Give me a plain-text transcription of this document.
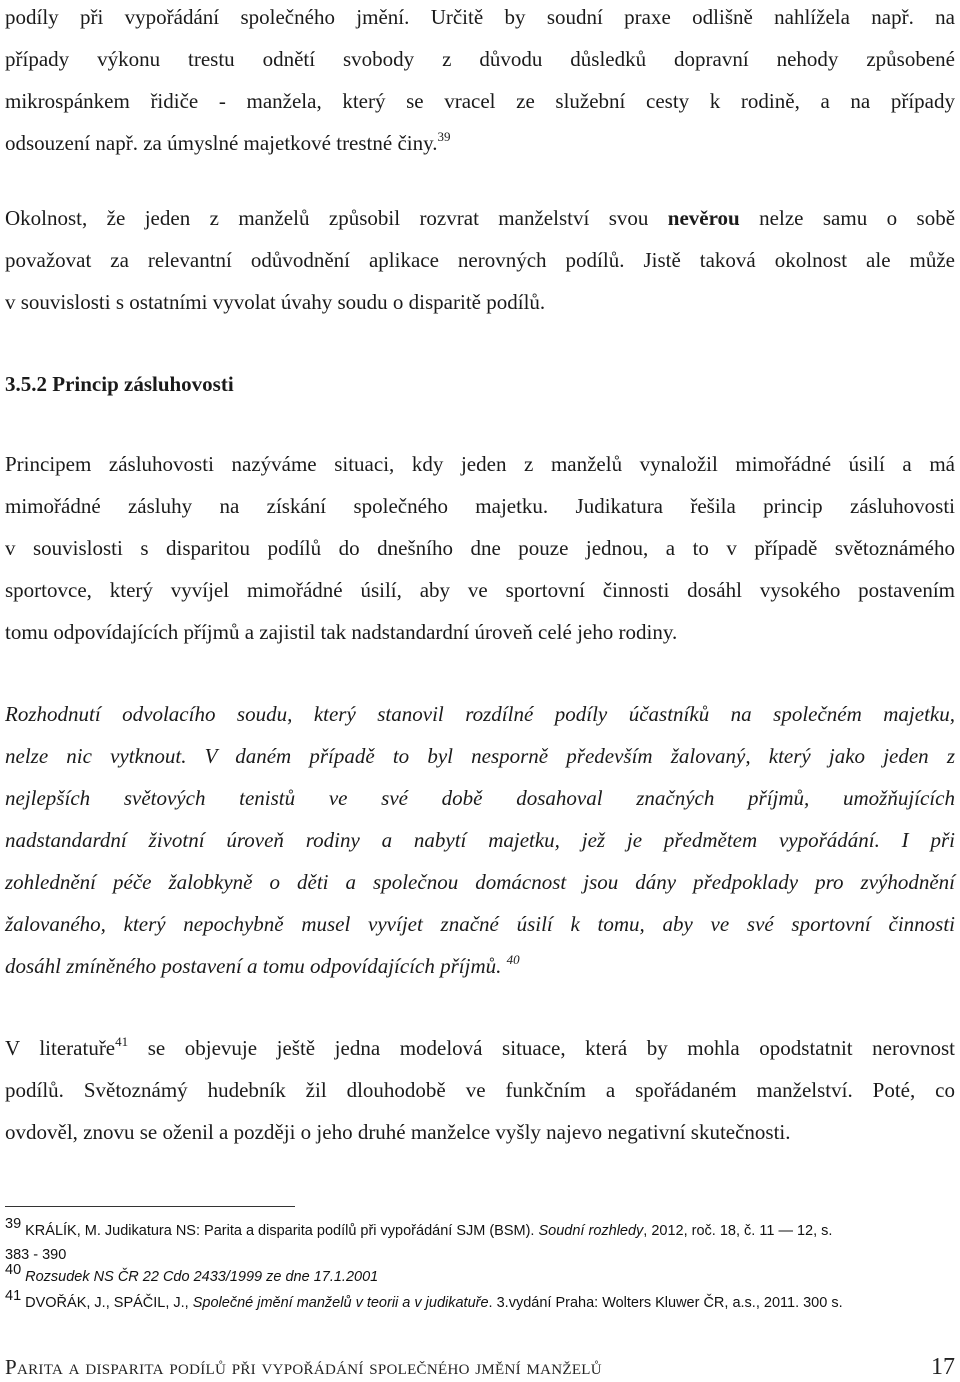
podíly při vypořádání společného jmění. Určitě by soudní praxe odlišně nahlížela např. na
případy výkonu trestu odnětí svobody z důvodu důsledků dopravní nehody způsobené
mikrospánkem řidiče - manžela, který se vracel ze služební cesty k rodině, a na případy
odsouzení např. za úmyslné majetkové trestné činy.$^{39}$
Okolnost, že jeden z manželů způsobil rozvrat manželství svou nevěrou nelze samu o sobě
považovat za relevantní odůvodnění aplikace nerovných podílů. Jistě taková okolnost ale může
v souvislosti s ostatními vyvolat úvahy soudu o disparitě podílů.
3.5.2 Princip zásluhovosti
Principem zásluhovosti nazýváme situaci, kdy jeden z manželů vynaložil mimořádné úsilí a má
mimořádné zásluhy na získání společného majetku. Judikatura řešila princip zásluhovosti
v souvislosti s disparitou podílů do dnešního dne pouze jednou, a to v případě světoznámého
sportovce, který vyvíjel mimořádné úsilí, aby ve sportovní činnosti dosáhl vysokého postavením
tomu odpovídajících příjmů a zajistil tak nadstandardní úroveň celé jeho rodiny.
Rozhodnutí odvolacího soudu, který stanovil rozdílné podíly účastníků na společném majetku,
nelze nic vytknout. V daném případě to byl nesporně především žalovaný, který jako jeden z
nejlepších světových tenistů ve své době dosahoval značných příjmů, umožňujících
nadstandardní životní úroveň rodiny a nabytí majetku, jež je předmětem vypořádání. I při
zohlednění péče žalobkyně o děti a společnou domácnost jsou dány předpoklady pro zvýhodnění
žalovaného, který nepochybně musel vyvíjet značné úsilí k tomu, aby ve své sportovní činnosti
dosáhl zmíněného postavení a tomu odpovídajících příjmů. $^{40}$
V literatuře$^{41}$ se objevuje ještě jedna modelová situace, která by mohla opodstatnit nerovnost
podílů. Světoznámý hudebník žil dlouhodobě ve funkčním a spořádaném manželství. Poté, co
ovdověl, znovu se oženil a později o jeho druhé manželce vyšly najevo negativní skutečnosti.
39 KRÁLÍK, M. Judikatura NS: Parita a disparita podílů při vypořádání SJM (BSM). Soudní rozhledy, 2012, roč. 18, č. 11 — 12, s.
383 - 390
40 Rozsudek NS ČR 22 Cdo 2433/1999 ze dne 17.1.2001
41 DVOŘÁK, J., SPÁČIL, J., Společné jmění manželů v teorii a v judikatuře. 3.vydání Praha: Wolters Kluwer ČR, a.s., 2011. 300 s.
Parita a disparita podílů při vypořádání společného jmění manželů	17
